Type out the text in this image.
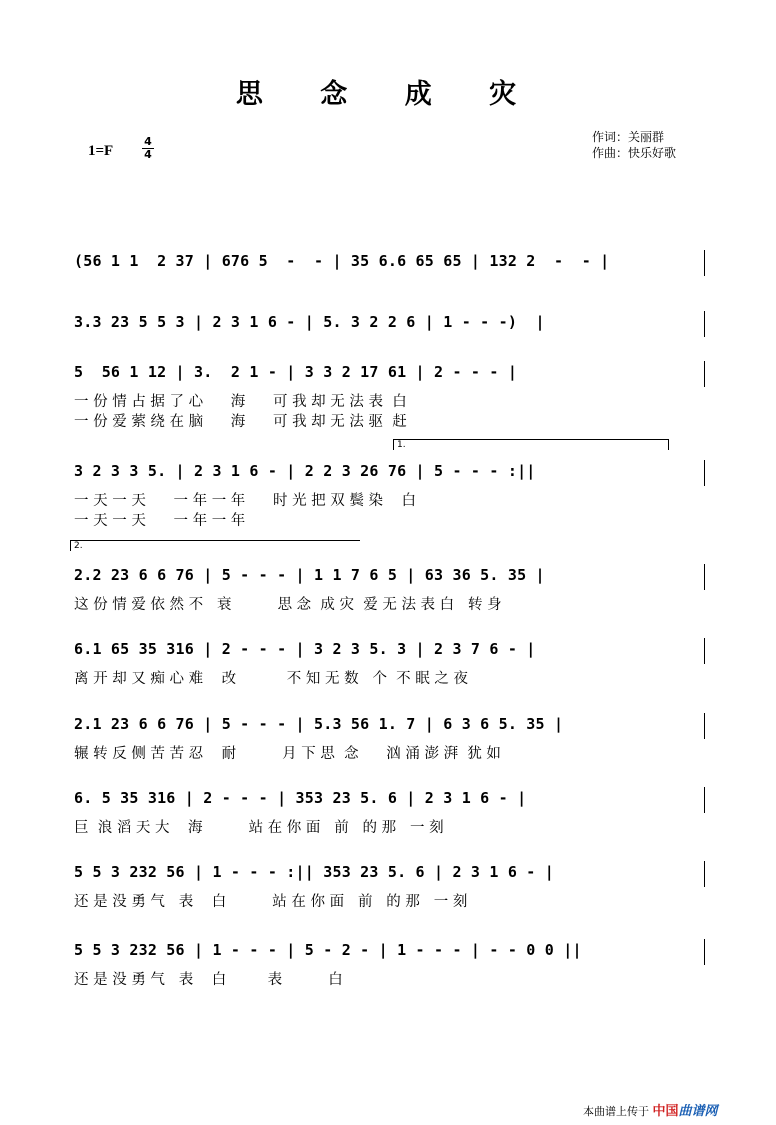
思 念 成 灾
1=F
4
4
作词：关丽群
作曲：快乐好歌
(56 1 1  2 37 | 676 5  -  - | 35 6.6 65 65 | 132 2  -  - |
3.3 23 5 5 3 | 2 3 1 6 - | 5. 3 2 2 6 | 1 - - -)  |
5  56 1 12 | 3.  2 1 - | 3 3 2 17 61 | 2 - - - |
一 份 情 占 据 了 心      海      可 我 却 无 法 表  白
一 份 爱 萦 绕 在 脑      海      可 我 却 无 法 驱  赶
3 2 3 3 5. | 2 3 1 6 - | 2 2 3 26 76 | 5 - - - :||
一 天 一 天      一 年 一 年      时 光 把 双 鬓 染    白
一 天 一 天      一 年 一 年
1.
2.2 23 6 6 76 | 5 - - - | 1 1 7 6 5 | 63 36 5. 35 |
这 份 情 爱 依 然 不   衰          思 念  成 灾  爱 无 法 表 白   转 身
2.
6.1 65 35 316 | 2 - - - | 3 2 3 5. 3 | 2 3 7 6 - |
离 开 却 又 痴 心 难    改           不 知 无 数   个  不 眠 之 夜
2.1 23 6 6 76 | 5 - - - | 5.3 56 1. 7 | 6 3 6 5. 35 |
辗 转 反 侧 苦 苦 忍    耐          月 下 思  念      汹 涌 澎 湃  犹 如
6. 5 35 316 | 2 - - - | 353 23 5. 6 | 2 3 1 6 - |
巨  浪 滔 天 大    海          站 在 你 面   前   的 那   一 刻
5 5 3 232 56 | 1 - - - :|| 353 23 5. 6 | 2 3 1 6 - |
还 是 没 勇 气   表    白          站 在 你 面   前   的 那   一 刻
5 5 3 232 56 | 1 - - - | 5 - 2 - | 1 - - - | - - 0 0 ||
还 是 没 勇 气   表    白         表          白
本曲谱上传于 中国曲谱网
